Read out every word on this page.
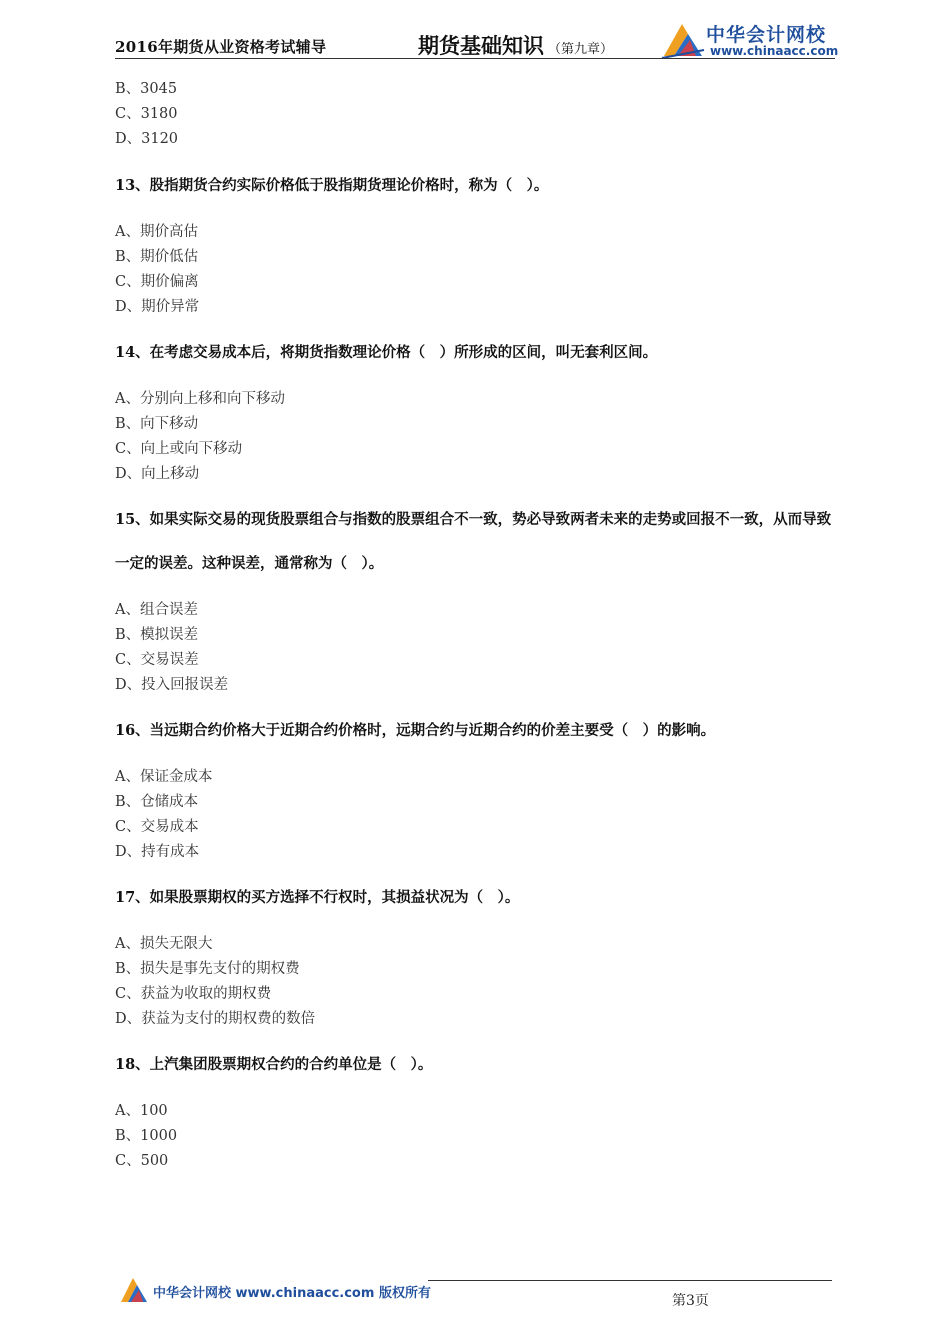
2016年期货从业资格考试辅导	期货基础知识 （第九章）
中华会计网校
www.chinaacc.com
B、3045
C、3180
D、3120
13、股指期货合约实际价格低于股指期货理论价格时，称为（　）。
A、期价高估
B、期价低估
C、期价偏离
D、期价异常
14、在考虑交易成本后，将期货指数理论价格（　）所形成的区间，叫无套利区间。
A、分别向上移和向下移动
B、向下移动
C、向上或向下移动
D、向上移动
15、如果实际交易的现货股票组合与指数的股票组合不一致，势必导致两者未来的走势或回报不一致，从而导致一定的误差。这种误差，通常称为（　）。
A、组合误差
B、模拟误差
C、交易误差
D、投入回报误差
16、当远期合约价格大于近期合约价格时，远期合约与近期合约的价差主要受（　）的影响。
A、保证金成本
B、仓储成本
C、交易成本
D、持有成本
17、如果股票期权的买方选择不行权时，其损益状况为（　）。
A、损失无限大
B、损失是事先支付的期权费
C、获益为收取的期权费
D、获益为支付的期权费的数倍
18、上汽集团股票期权合约的合约单位是（　）。
A、100
B、1000
C、500
中华会计网校 www.chinaacc.com 版权所有	第3页
